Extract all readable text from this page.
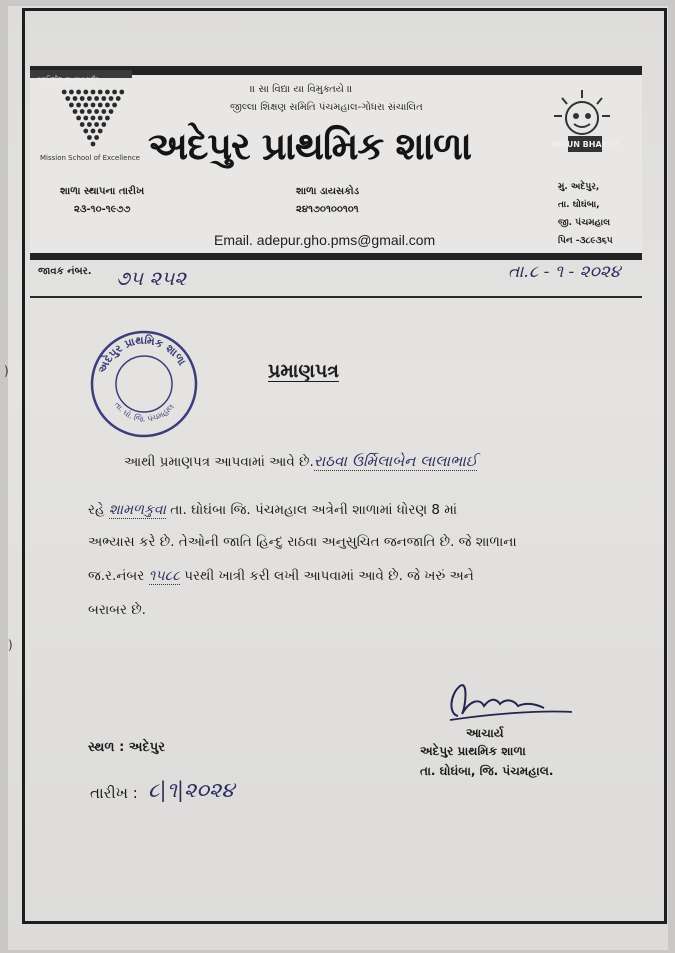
પ્રગતિશીલ જ્ઞાનમય પ્રદીપ
Mission School of Excellence
॥ સા વિદ્યા યા વિમુક્તયે ॥
જીલ્લા શિક્ષણ સમિતિ પંચમહાલ-ગોધરા સંચાલિત
અદેપુર પ્રાથમિક શાળા	NIPUN BHARAT
શાળા સ્થાપના તારીખ
૨૩-૧૦-૧૯૭૭
શાળા ડાયસકોડ
૨૪૧૭૦૧૦૦૧૦૧
મુ. અદેપુર,
તા. ઘોઘંબા,
જી. પંચમહાલ
પિન -૩૮૯૩૬૫
Email. adepur.gho.pms@gmail.com
જાવક નંબર. ૭૫ ૨૫૨	તા.૮ - ૧ - ૨૦૨૪
અદેપુર પ્રાથમિક શાળા
તા. ઘો. જિ. પંચમહાલ
પ્રમાણપત્ર
આથી પ્રમાણપત્ર આપવામાં આવે છે.રાઠવા ઉર્મિલાબેન લાલાભાઈ
રહે શામળકુવા તા. ઘોઘંબા જિ. પંચમહાલ અત્રેની શાળામાં ધોરણ 8 માં
અભ્યાસ કરે છે. તેઓની જાતિ હિન્દુ રાઠવા અનુસુચિત જનજાતિ છે. જે શાળાના
જ.ર.નંબર ૧૫૮૮ પરથી ખાત્રી કરી લખી આપવામાં આવે છે. જે ખરું અને
બરાબર છે.
આચાર્ય
અદેપુર પ્રાથમિક શાળા
તા. ઘોઘંબા, જિ. પંચમહાલ.
સ્થળ : અદેપુર
તારીખ : ૮|૧|૨૦૨૪
)
)
